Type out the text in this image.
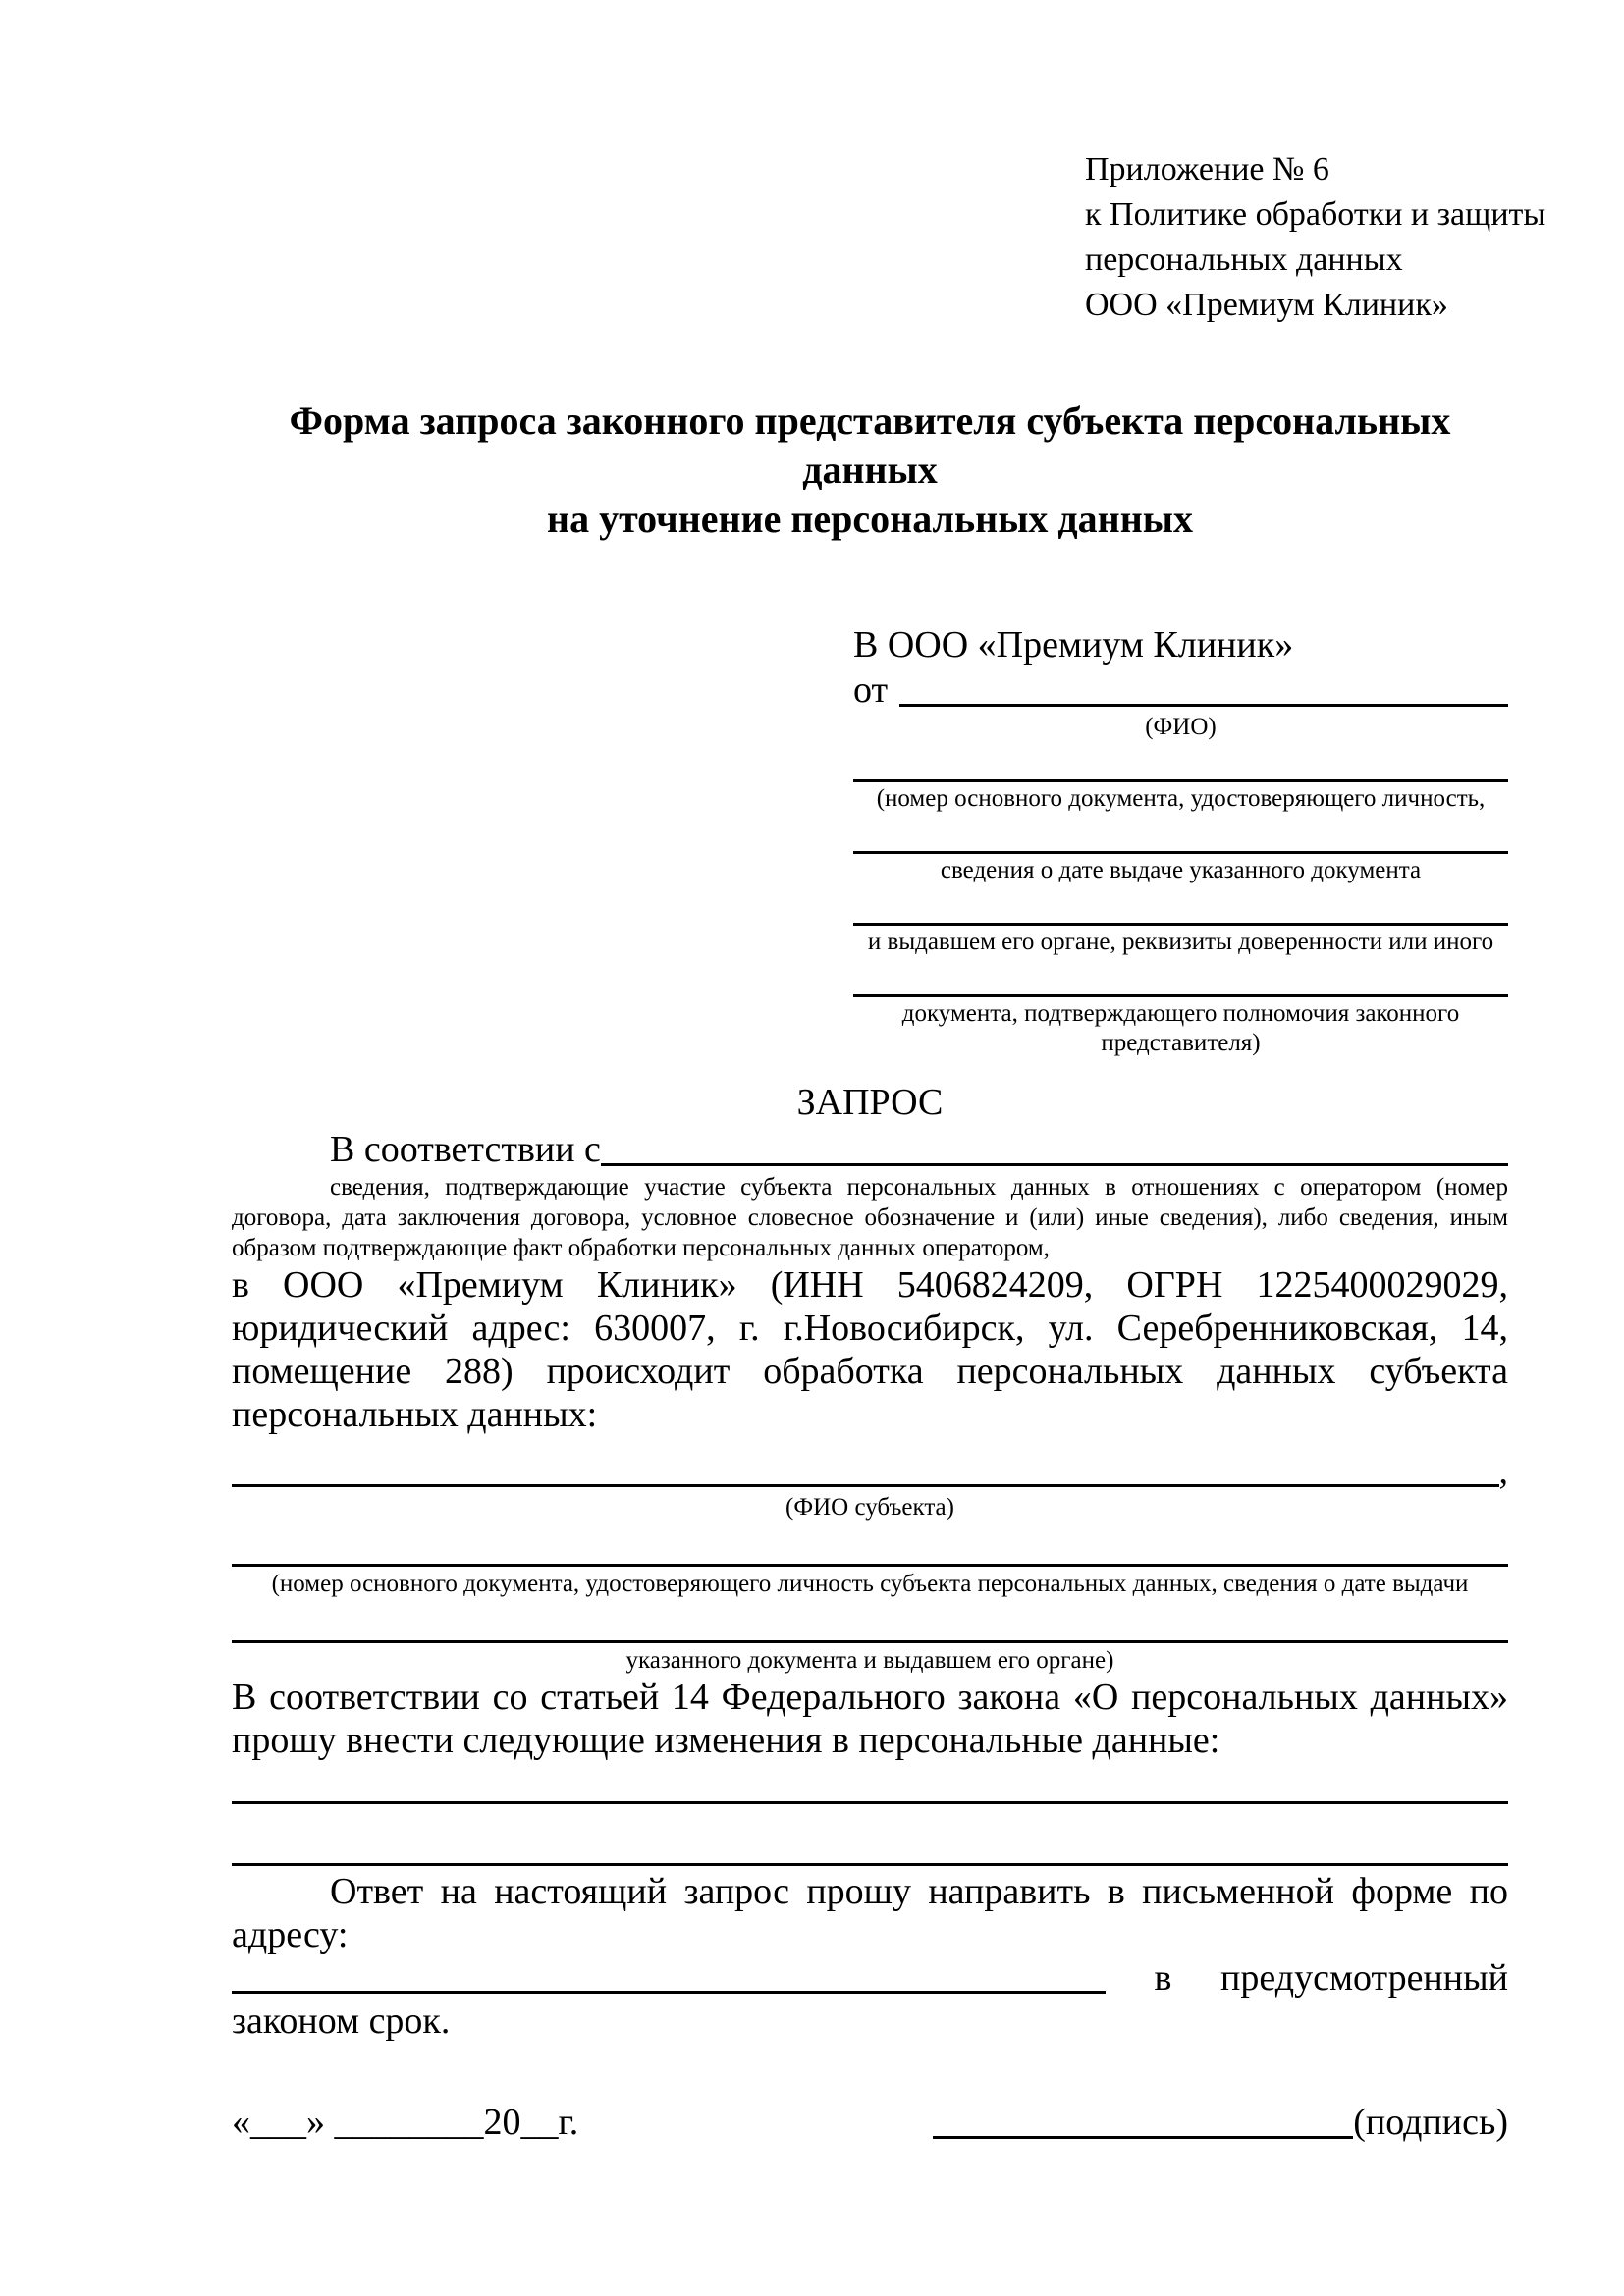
Приложение № 6
к Политике обработки и защиты
персональных данных
ООО «Премиум Клиник»
Форма запроса законного представителя субъекта персональных данных
на уточнение персональных данных
В ООО «Премиум Клиник»
от
(ФИО)
(номер основного документа, удостоверяющего личность,
сведения о дате выдаче указанного документа
и выдавшем его органе, реквизиты доверенности или иного
документа, подтверждающего полномочия законного представителя)
ЗАПРОС
В соответствии с

сведения, подтверждающие участие субъекта персональных данных в отношениях с оператором (номер договора, дата заключения договора, условное словесное обозначение и (или) иные сведения), либо сведения, иным образом подтверждающие факт обработки персональных данных оператором,

в ООО «Премиум Клиник» (ИНН 5406824209, ОГРН 1225400029029, юридический адрес: 630007, г. г.Новосибирск, ул. Серебренниковская, 14, помещение 288) происходит обработка персональных данных субъекта персональных данных:

,
(ФИО субъекта)
(номер основного документа, удостоверяющего личность субъекта персональных данных, сведения о дате выдачи
указанного документа и выдавшем его органе)

В соответствии со статьей 14 Федерального закона «О персональных данных» прошу внести следующие изменения в персональные данные:

Ответ на настоящий запрос прошу направить в письменной форме по адресу:

в предусмотренный

законом срок.

«___» ________20__г.	(подпись)
